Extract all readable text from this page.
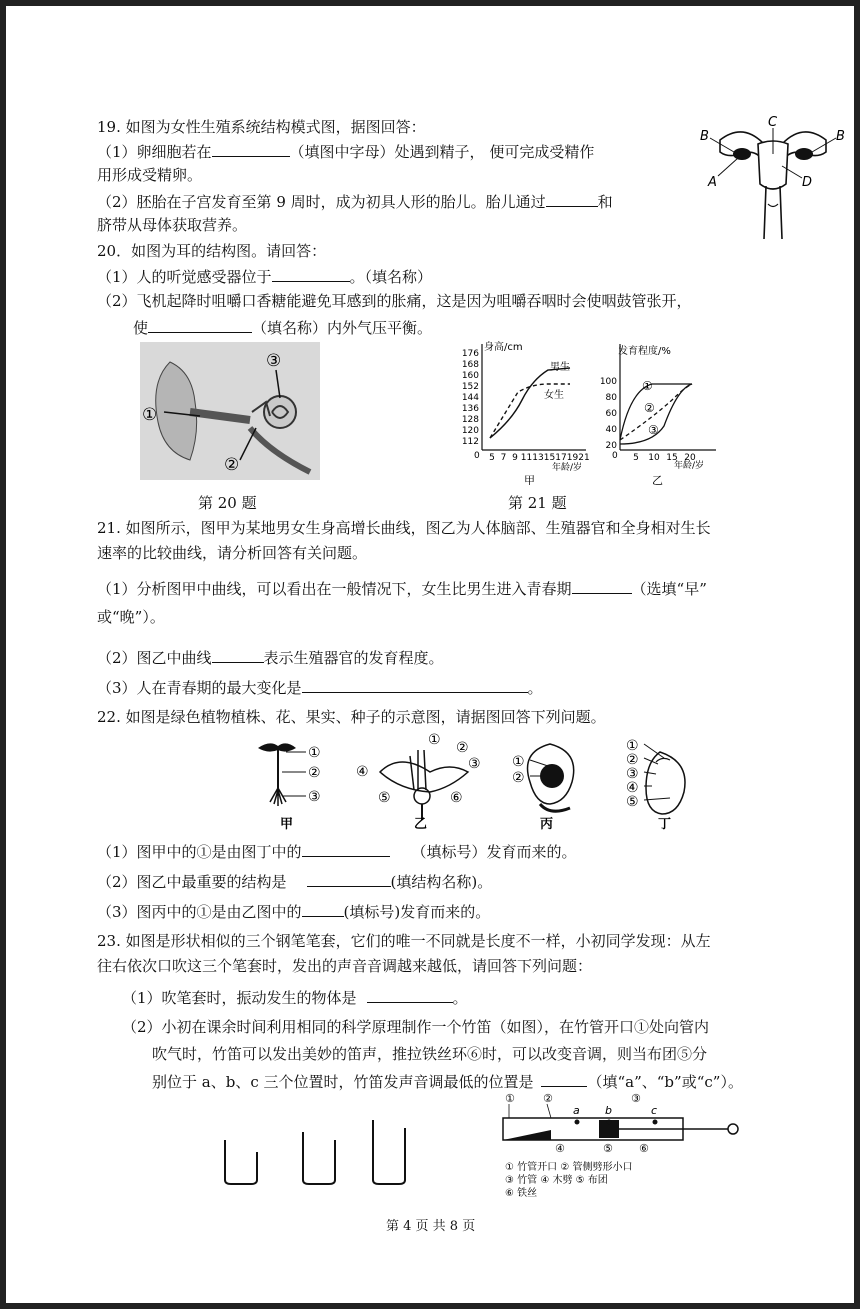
19. 如图为女性生殖系统结构模式图，据图回答：
（1）卵细胞若在	（填图中字母）处遇到精子， 便可完成受精作
用形成受精卵。
（2）胚胎在子宫发育至第 9 周时，成为初具人形的胎儿。胎儿通过	和
脐带从母体获取营养。
B
C
B
A	D
20．如图为耳的结构图。请回答：
（1）人的听觉感受器位于	。（填名称）
（2）飞机起降时咀嚼口香糖能避免耳感到的胀痛，这是因为咀嚼吞咽时会使咽鼓管张开，
使	（填名称）内外气压平衡。
①
②
③
第 20 题
身高/cm
176
168
160
152
144
136
128
120
112
5 7 9 11 13 15 17 19 21
0
年龄/岁
男生
女生
甲
发育程度/%
100
80
60
40
20
5 10 15 20
0
年龄/岁
①
②
③
乙
第 21 题
21. 如图所示，图甲为某地男女生身高增长曲线，图乙为人体脑部、生殖器官和全身相对生长
速率的比较曲线，请分析回答有关问题。
（1）分析图甲中曲线，可以看出在一般情况下，女生比男生进入青春期	（选填“早”
或“晚”）。
（2）图乙中曲线	表示生殖器官的发育程度。
（3）人在青春期的最大变化是	。
22. 如图是绿色植物植株、花、果实、种子的示意图，请据图回答下列问题。
①
②
③
甲
① ②
③
④
⑤	⑥
乙
①
②
丙
①
②
③
④
⑤
丁
（1）图甲中的①是由图丁中的	（填标号）发育而来的。
（2）图乙中最重要的结构是	(填结构名称)。
（3）图丙中的①是由乙图中的	(填标号)发育而来的。
23. 如图是形状相似的三个钢笔笔套，它们的唯一不同就是长度不一样，小初同学发现：从左
往右依次口吹这三个笔套时，发出的声音音调越来越低，请回答下列问题：
（1）吹笔套时，振动发生的物体是	。
（2）小初在课余时间利用相同的科学原理制作一个竹笛（如图），在竹管开口①处向管内
吹气时，竹笛可以发出美妙的笛声，推拉铁丝环⑥时，可以改变音调，则当布团⑤分
别位于 a、b、c 三个位置时，竹笛发声音调最低的位置是	（填“a”、“b”或“c”）。
a b	c
①	②	③
④	⑤ ⑥
① 竹管开口 ② 管侧劈形小口
③ 竹管 ④ 木劈 ⑤ 布团
⑥ 铁丝
第 4 页 共 8 页
